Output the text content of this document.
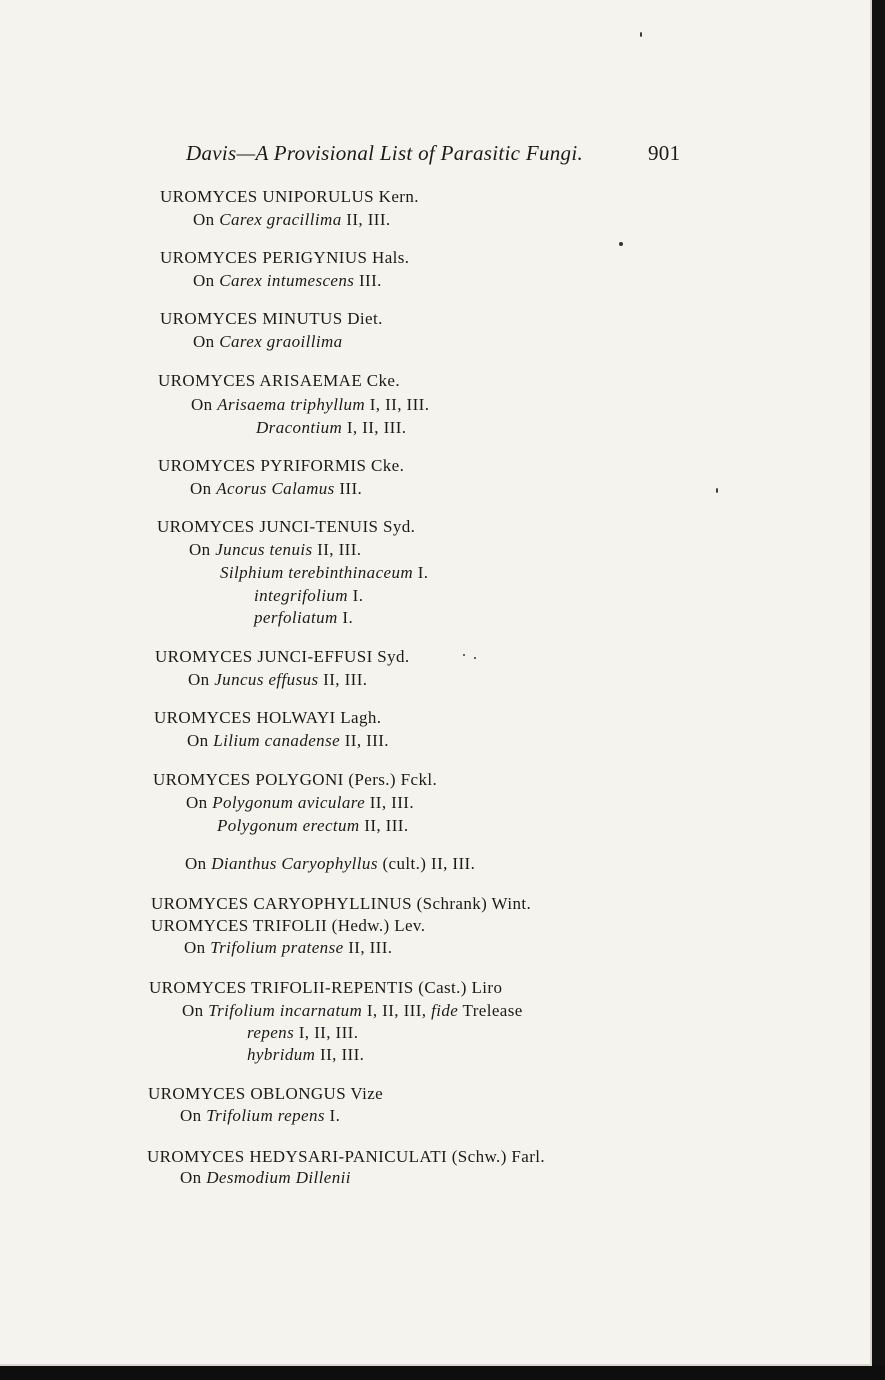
Davis—A Provisional List of Parasitic Fungi.	901
UROMYCES UNIPORULUS Kern.
On Carex gracillima II, III.
UROMYCES PERIGYNIUS Hals.
On Carex intumescens III.
UROMYCES MINUTUS Diet.
On Carex graoillima
UROMYCES ARISAEMAE Cke.
On Arisaema triphyllum I, II, III.
Dracontium I, II, III.
UROMYCES PYRIFORMIS Cke.
On Acorus Calamus III.
UROMYCES JUNCI-TENUIS Syd.
On Juncus tenuis II, III.
Silphium terebinthinaceum I.
integrifolium I.
perfoliatum I.
UROMYCES JUNCI-EFFUSI Syd.
On Juncus effusus II, III.
UROMYCES HOLWAYI Lagh.
On Lilium canadense II, III.
UROMYCES POLYGONI (Pers.) Fckl.
On Polygonum aviculare II, III.
Polygonum erectum II, III.
On Dianthus Caryophyllus (cult.) II, III.
UROMYCES CARYOPHYLLINUS (Schrank) Wint.
UROMYCES TRIFOLII (Hedw.) Lev.
On Trifolium pratense II, III.
UROMYCES TRIFOLII-REPENTIS (Cast.) Liro
On Trifolium incarnatum I, II, III, fide Trelease
repens I, II, III.
hybridum II, III.
UROMYCES OBLONGUS Vize
On Trifolium repens I.
UROMYCES HEDYSARI-PANICULATI (Schw.) Farl.
On Desmodium Dillenii
